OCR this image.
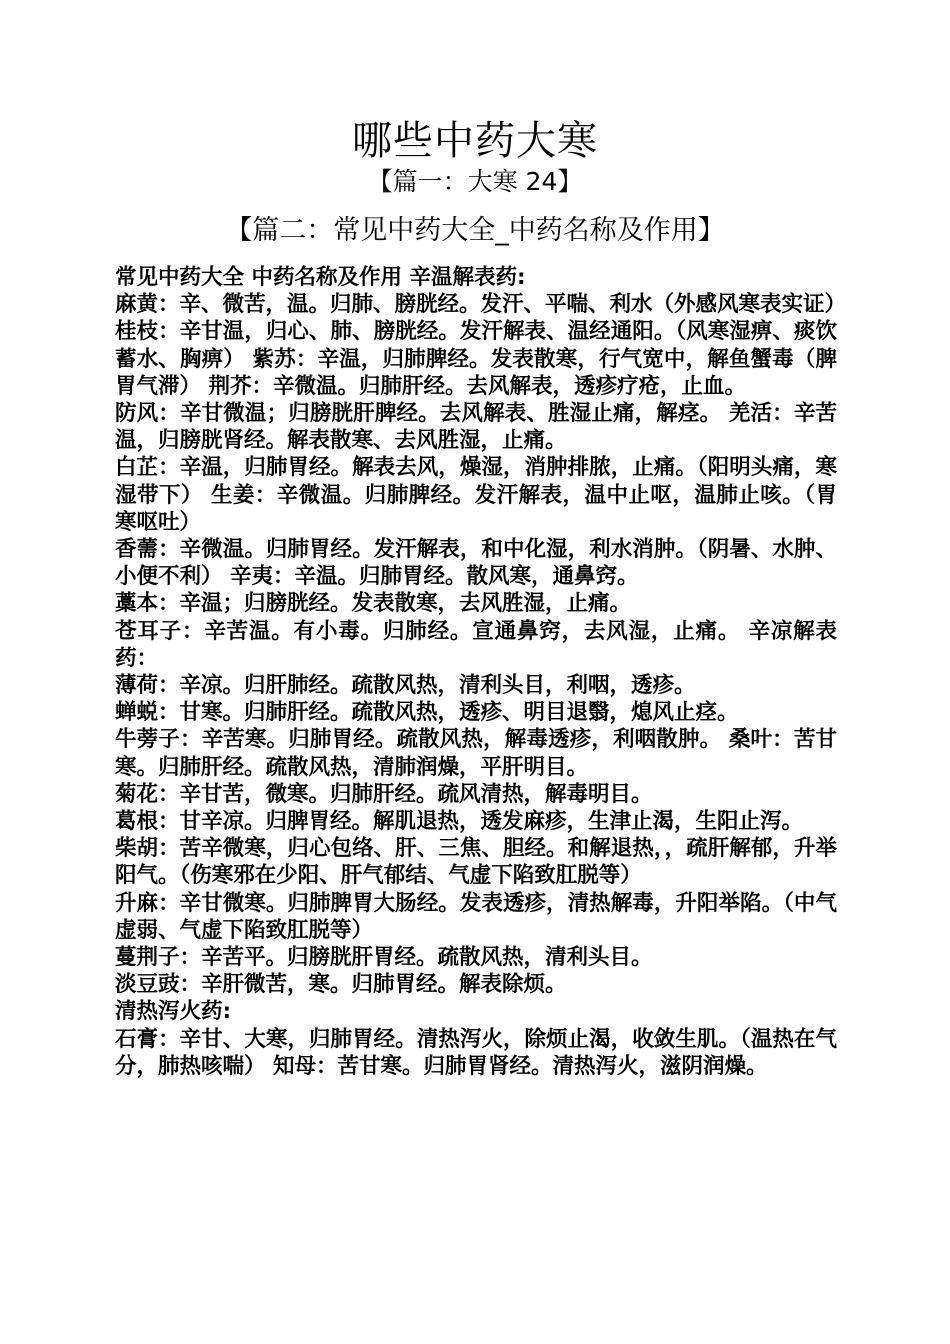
哪些中药大寒
【篇一：大寒 24】
【篇二：常见中药大全_中药名称及作用】

常见中药大全 中药名称及作用 辛温解表药:

麻黄：辛、微苦，温。归肺、膀胱经。发汗、平喘、利水（外感风寒表实证）

桂枝：辛甘温，归心、肺、膀胱经。发汗解表、温经通阳。（风寒湿痹、痰饮蓄水、胸痹） 紫苏：辛温，归肺脾经。发表散寒，行气宽中，解鱼蟹毒（脾胃气滞） 荆芥：辛微温。归肺肝经。去风解表，透疹疗疮，止血。

防风：辛甘微温；归膀胱肝脾经。去风解表、胜湿止痛，解痉。 羌活：辛苦温，归膀胱肾经。解表散寒、去风胜湿，止痛。

白芷：辛温，归肺胃经。解表去风，燥湿，消肿排脓，止痛。（阳明头痛，寒湿带下） 生姜：辛微温。归肺脾经。发汗解表，温中止呕，温肺止咳。（胃寒呕吐）

香薷：辛微温。归肺胃经。发汗解表，和中化湿，利水消肿。（阴暑、水肿、小便不利） 辛夷：辛温。归肺胃经。散风寒，通鼻窍。

藁本：辛温；归膀胱经。发表散寒，去风胜湿，止痛。

苍耳子：辛苦温。有小毒。归肺经。宣通鼻窍，去风湿，止痛。 辛凉解表药：

薄荷：辛凉。归肝肺经。疏散风热，清利头目，利咽，透疹。

蝉蜕：甘寒。归肺肝经。疏散风热，透疹、明目退翳，熄风止痉。

牛蒡子：辛苦寒。归肺胃经。疏散风热，解毒透疹，利咽散肿。 桑叶：苦甘寒。归肺肝经。疏散风热，清肺润燥，平肝明目。

菊花：辛甘苦，微寒。归肺肝经。疏风清热，解毒明目。

葛根：甘辛凉。归脾胃经。解肌退热，透发麻疹，生津止渴，生阳止泻。

柴胡：苦辛微寒，归心包络、肝、三焦、胆经。和解退热，，疏肝解郁，升举阳气。（伤寒邪在少阳、肝气郁结、气虚下陷致肛脱等）

升麻：辛甘微寒。归肺脾胃大肠经。发表透疹，清热解毒，升阳举陷。（中气虚弱、气虚下陷致肛脱等）

蔓荆子：辛苦平。归膀胱肝胃经。疏散风热，清利头目。

淡豆豉：辛肝微苦，寒。归肺胃经。解表除烦。

清热泻火药:

石膏：辛甘、大寒，归肺胃经。清热泻火，除烦止渴，收敛生肌。（温热在气分，肺热咳喘） 知母：苦甘寒。归肺胃肾经。清热泻火，滋阴润燥。
